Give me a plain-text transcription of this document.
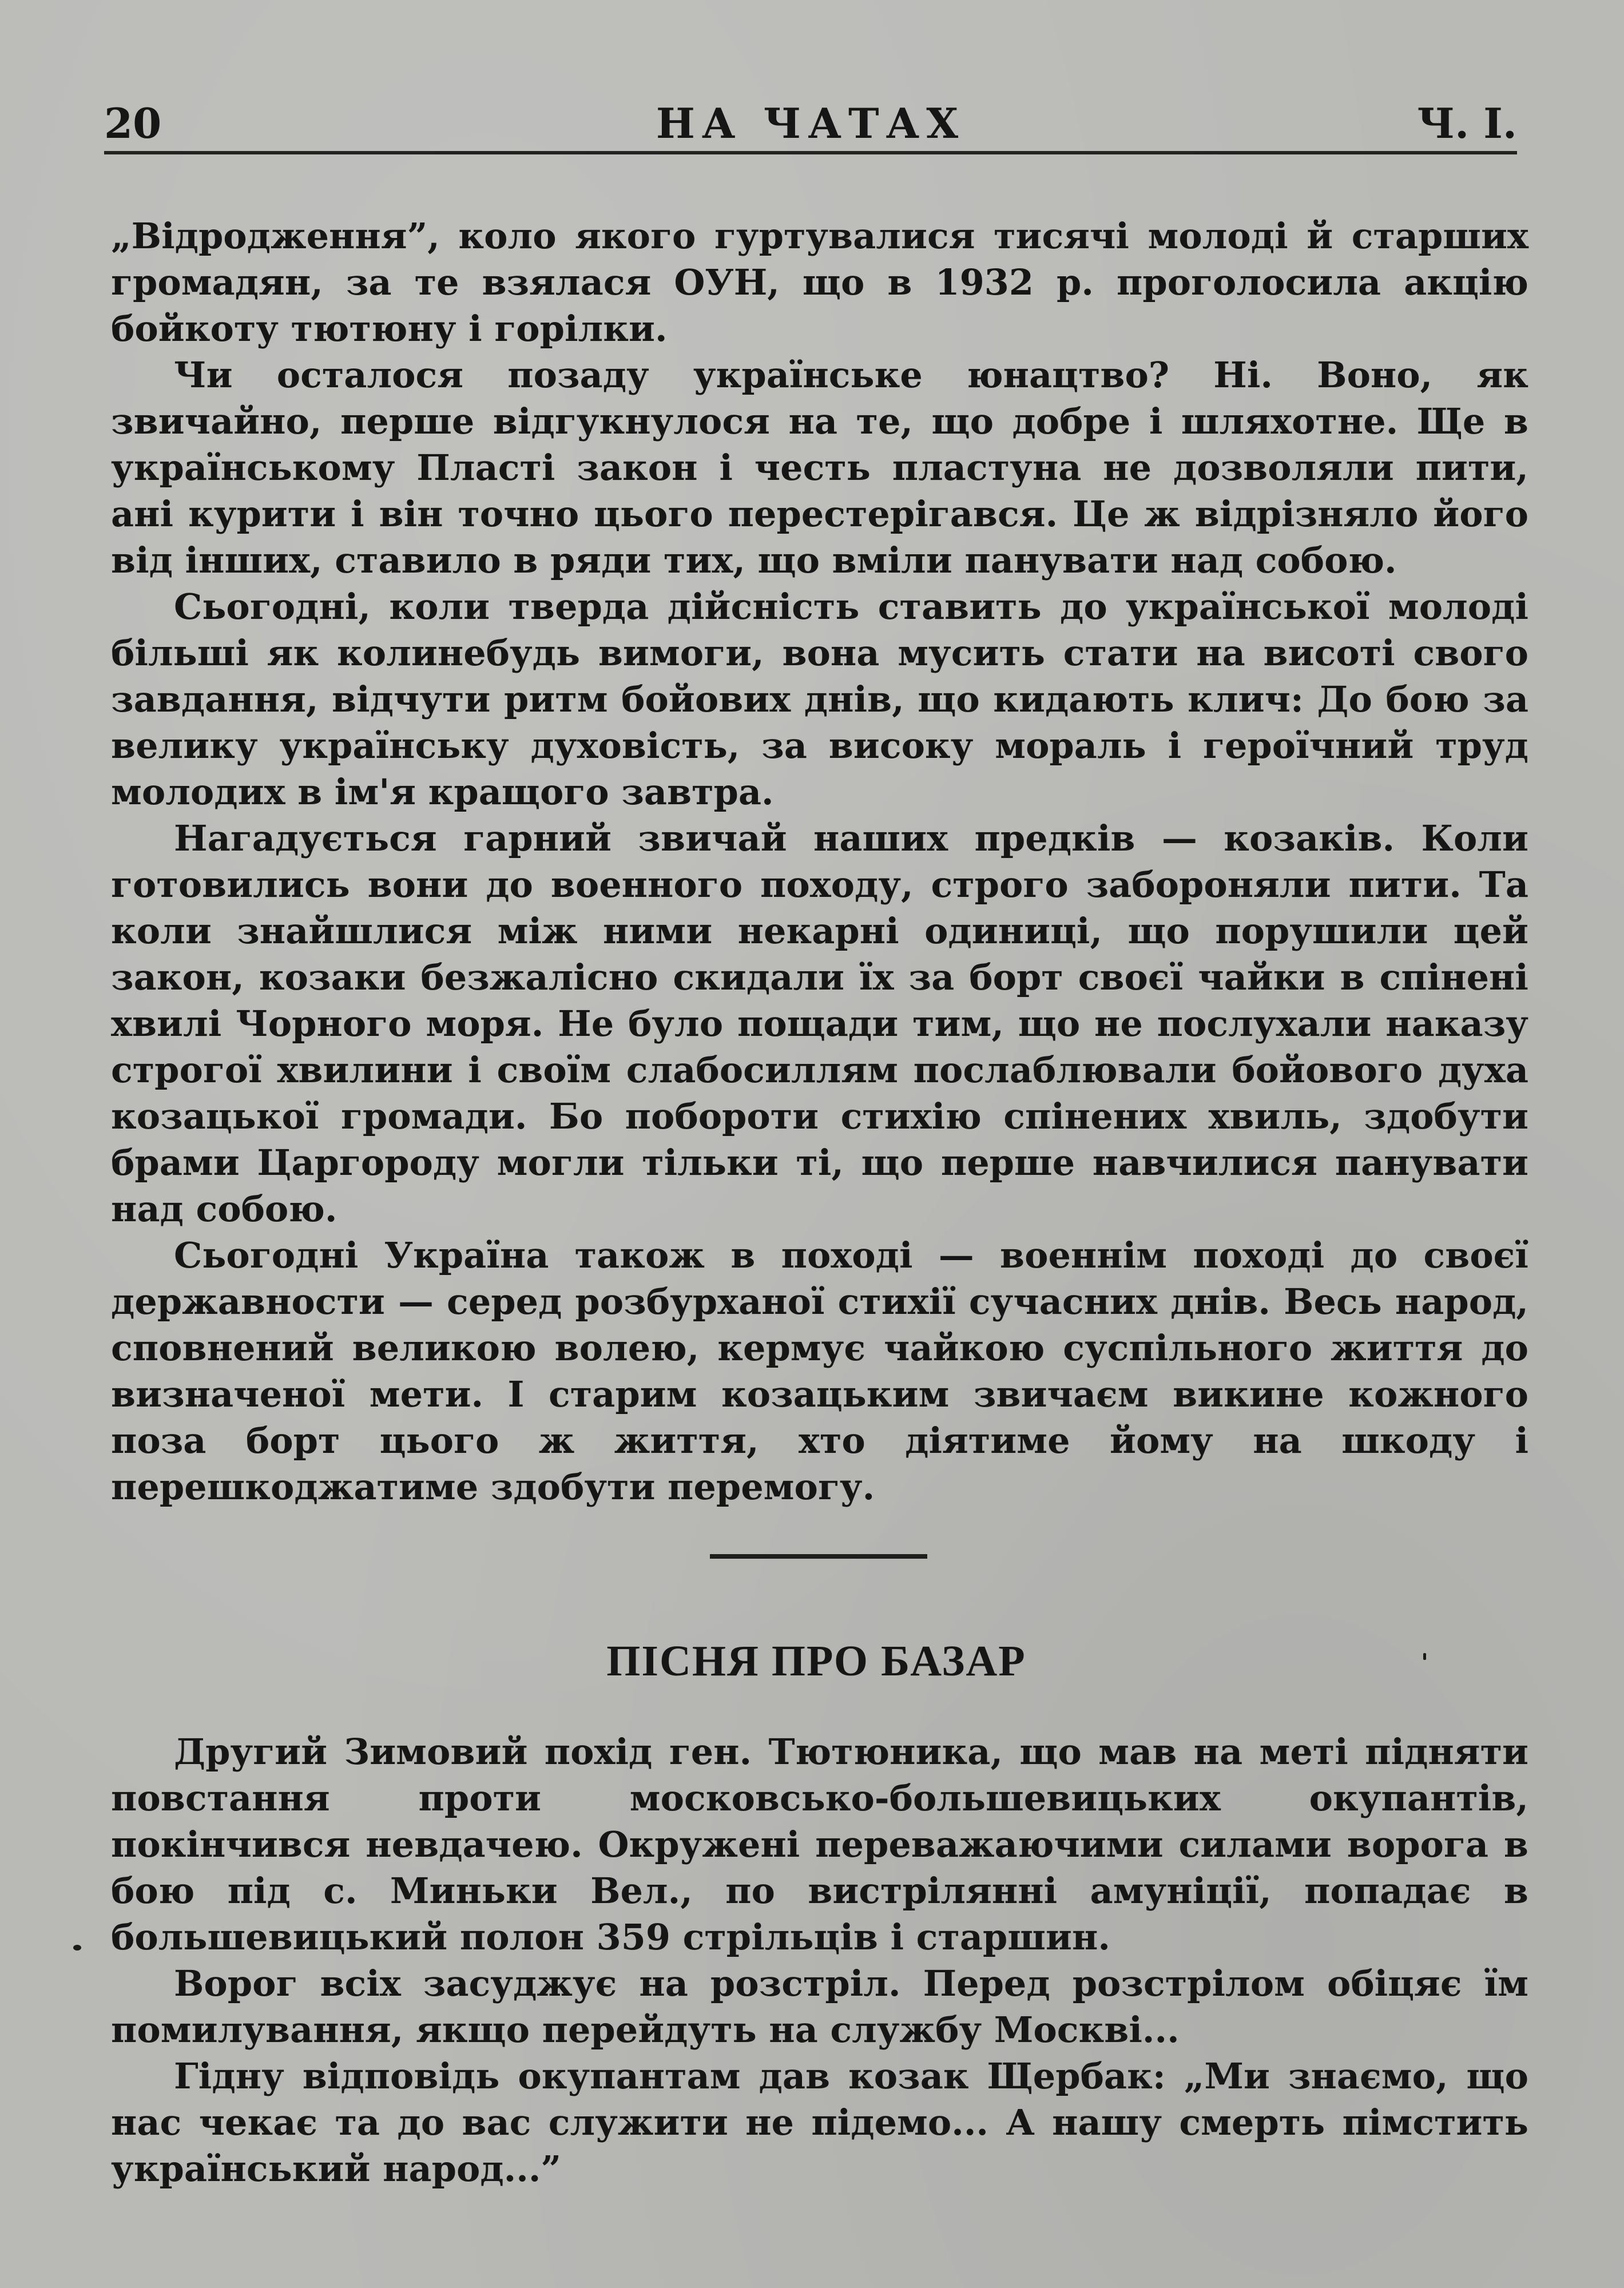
20	НА ЧАТАХ	Ч. І.

„Відродження”, коло якого гуртувалися тисячі молоді й старших громадян, за те взялася ОУН, що в 1932 р. проголосила акцію бойкоту тютюну і горілки.

Чи осталося позаду українське юнацтво? Ні. Воно, як звичайно, перше відгукнулося на те, що добре і шляхотне. Ще в українському Пласті закон і честь пластуна не дозволяли пити, ані курити і він точно цього перестерігався. Це ж відрізняло його від інших, ставило в ряди тих, що вміли панувати над собою.

Сьогодні, коли тверда дійсність ставить до української молоді більші як колинебудь вимоги, вона мусить стати на висоті свого завдання, відчути ритм бойових днів, що кидають клич: До бою за велику українську духовість, за високу мораль і героїчний труд молодих в ім'я кращого завтра.

Нагадується гарний звичай наших предків — козаків. Коли готовились вони до военного походу, строго забороняли пити. Та коли знайшлися між ними некарні одиниці, що порушили цей закон, козаки безжалісно скидали їх за борт своєї чайки в спінені хвилі Чорного моря. Не було пощади тим, що не послухали наказу строгої хвилини і своїм слабосиллям послаблювали бойового духа козацької громади. Бо побороти стихію спінених хвиль, здобути брами Царгороду могли тільки ті, що перше навчилися панувати над собою.

Сьогодні Україна також в поході — военнім поході до своєї державности — серед розбурханої стихії сучасних днів. Весь народ, сповнений великою волею, кермує чайкою суспільного життя до визначеної мети. І старим козацьким звичаєм викине кожного поза борт цього ж життя, хто діятиме йому на шкоду і перешкоджатиме здобути перемогу.

ПІСНЯ ПРО БАЗАР

Другий Зимовий похід ген. Тютюника, що мав на меті підняти повстання проти московсько-большевицьких окупантів, покінчився невдачею. Окружені переважаючими силами ворога в бою під с. Миньки Вел., по вистрілянні амуніції, попадає в большевицький полон 359 стрільців і старшин.

Ворог всіх засуджує на розстріл. Перед розстрілом обіцяє їм помилування, якщо перейдуть на службу Москві...

Гідну відповідь окупантам дав козак Щербак: „Ми знаємо, що нас чекає та до вас служити не підемо... А нашу смерть пімстить український народ...”
